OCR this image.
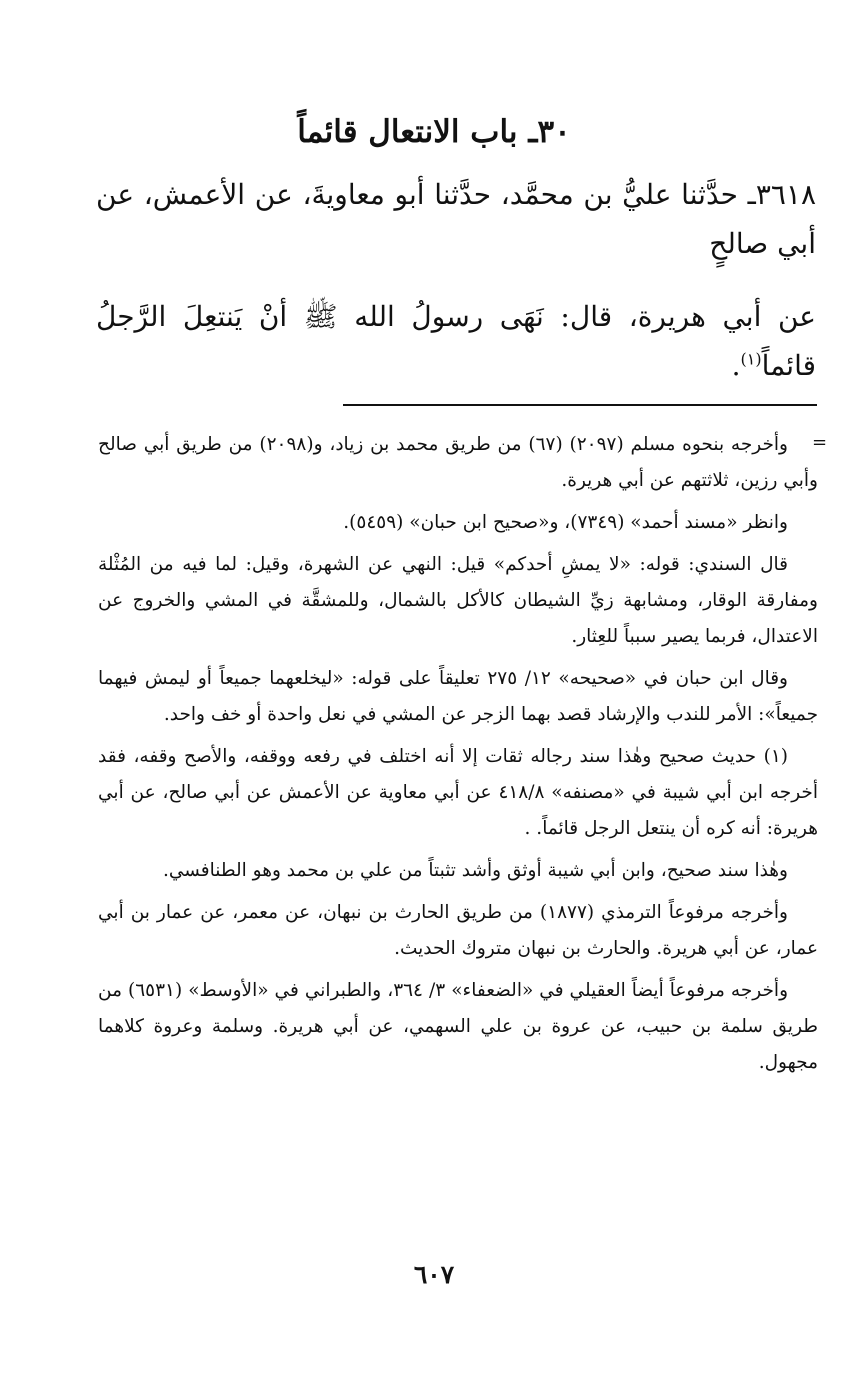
٣٠ـ باب الانتعال قائماً
٣٦١٨ـ حدَّثنا عليُّ بن محمَّد، حدَّثنا أبو معاويةَ، عن الأعمش، عن أبي صالحٍ
عن أبي هريرة، قال: نَهَى رسولُ الله ﷺ أنْ يَنتعِلَ الرَّجلُ قائماً$^{(١)}$.
=

وأخرجه بنحوه مسلم (٢٠٩٧) (٦٧) من طريق محمد بن زياد، و(٢٠٩٨) من طريق أبي صالح وأبي رزين، ثلاثتهم عن أبي هريرة.

وانظر «مسند أحمد» (٧٣٤٩)، و«صحيح ابن حبان» (٥٤٥٩).

قال السندي: قوله: «لا يمشِ أحدكم» قيل: النهي عن الشهرة، وقيل: لما فيه من المُثْلة ومفارقة الوقار، ومشابهة زيِّ الشيطان كالأكل بالشمال، وللمشقَّة في المشي والخروج عن الاعتدال، فربما يصير سبباً للعِثار.

وقال ابن حبان في «صحيحه» ١٢/ ٢٧٥ تعليقاً على قوله: «ليخلعهما جميعاً أو ليمش فيهما جميعاً»: الأمر للندب والإرشاد قصد بهما الزجر عن المشي في نعل واحدة أو خف واحد.

(١) حديث صحيح وهٰذا سند رجاله ثقات إلا أنه اختلف في رفعه ووقفه، والأصح وقفه، فقد أخرجه ابن أبي شيبة في «مصنفه» ٤١٨/٨ عن أبي معاوية عن الأعمش عن أبي صالح، عن أبي هريرة: أنه كره أن ينتعل الرجل قائماً. .

وهٰذا سند صحيح، وابن أبي شيبة أوثق وأشد تثبتاً من علي بن محمد وهو الطنافسي.

وأخرجه مرفوعاً الترمذي (١٨٧٧) من طريق الحارث بن نبهان، عن معمر، عن عمار بن أبي عمار، عن أبي هريرة. والحارث بن نبهان متروك الحديث.

وأخرجه مرفوعاً أيضاً العقيلي في «الضعفاء» ٣/ ٣٦٤، والطبراني في «الأوسط» (٦٥٣١) من طريق سلمة بن حبيب، عن عروة بن علي السهمي، عن أبي هريرة. وسلمة وعروة كلاهما مجهول.

٦٠٧
